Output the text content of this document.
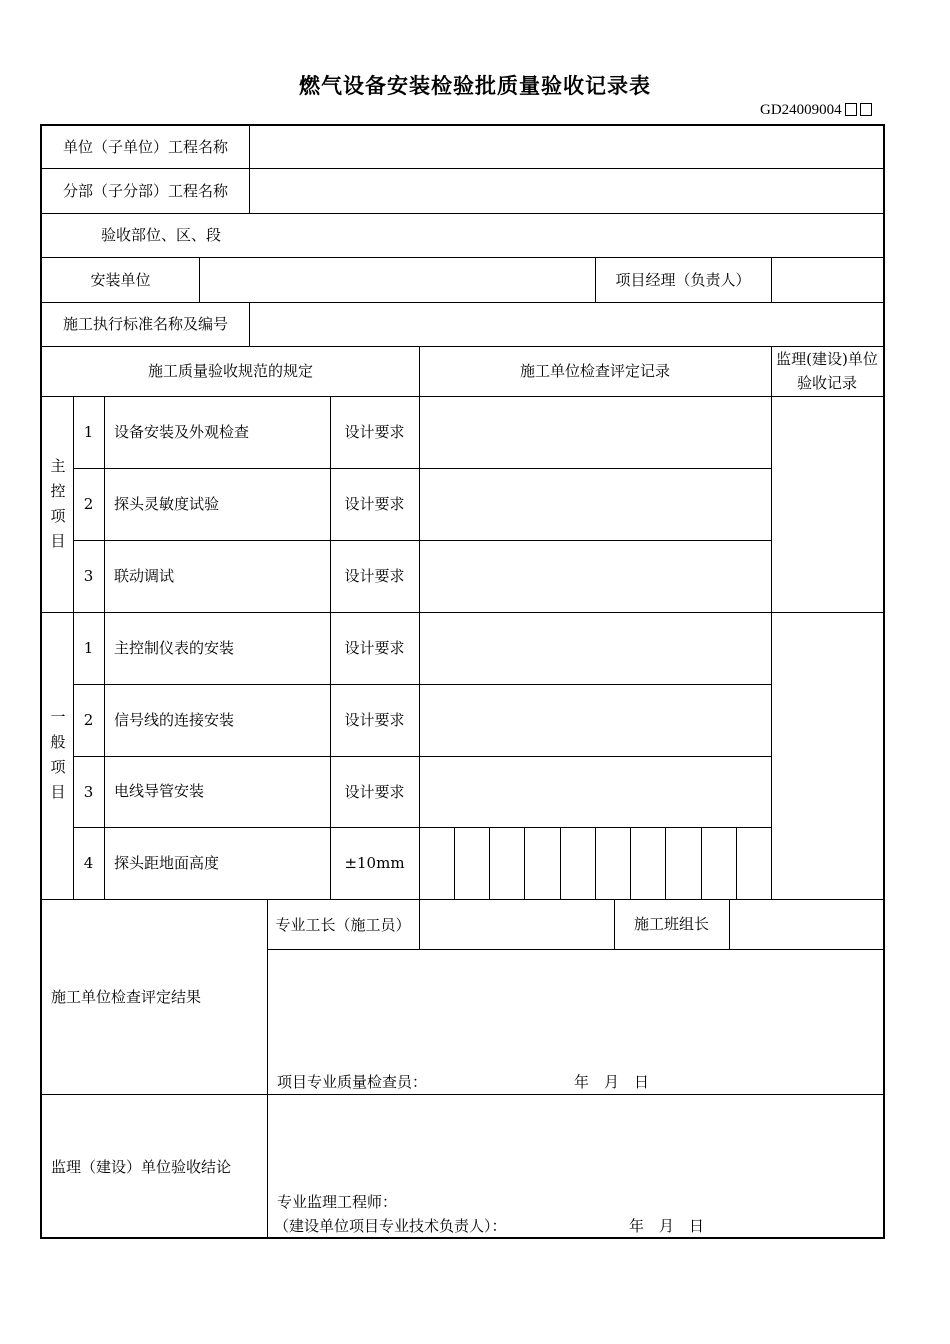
燃气设备安装检验批质量验收记录表
GD24009004
单位（子单位）工程名称
分部（子分部）工程名称
验收部位、区、段
安装单位	项目经理（负责人）
施工执行标准名称及编号
施工质量验收规范的规定	施工单位检查评定记录
监理(建设)单位验收记录
主
控
项
目
1	设备安装及外观检查	设计要求
2	探头灵敏度试验	设计要求
3	联动调试	设计要求
一
般
项
目
1	主控制仪表的安装	设计要求
2	信号线的连接安装	设计要求
3	电线导管安装	设计要求
4	探头距地面高度	±10mm
施工单位检查评定结果
专业工长（施工员）	施工班组长
项目专业质量检查员：	年　月　日
监理（建设）单位验收结论
专业监理工程师：
（建设单位项目专业技术负责人）：	年　月　日
